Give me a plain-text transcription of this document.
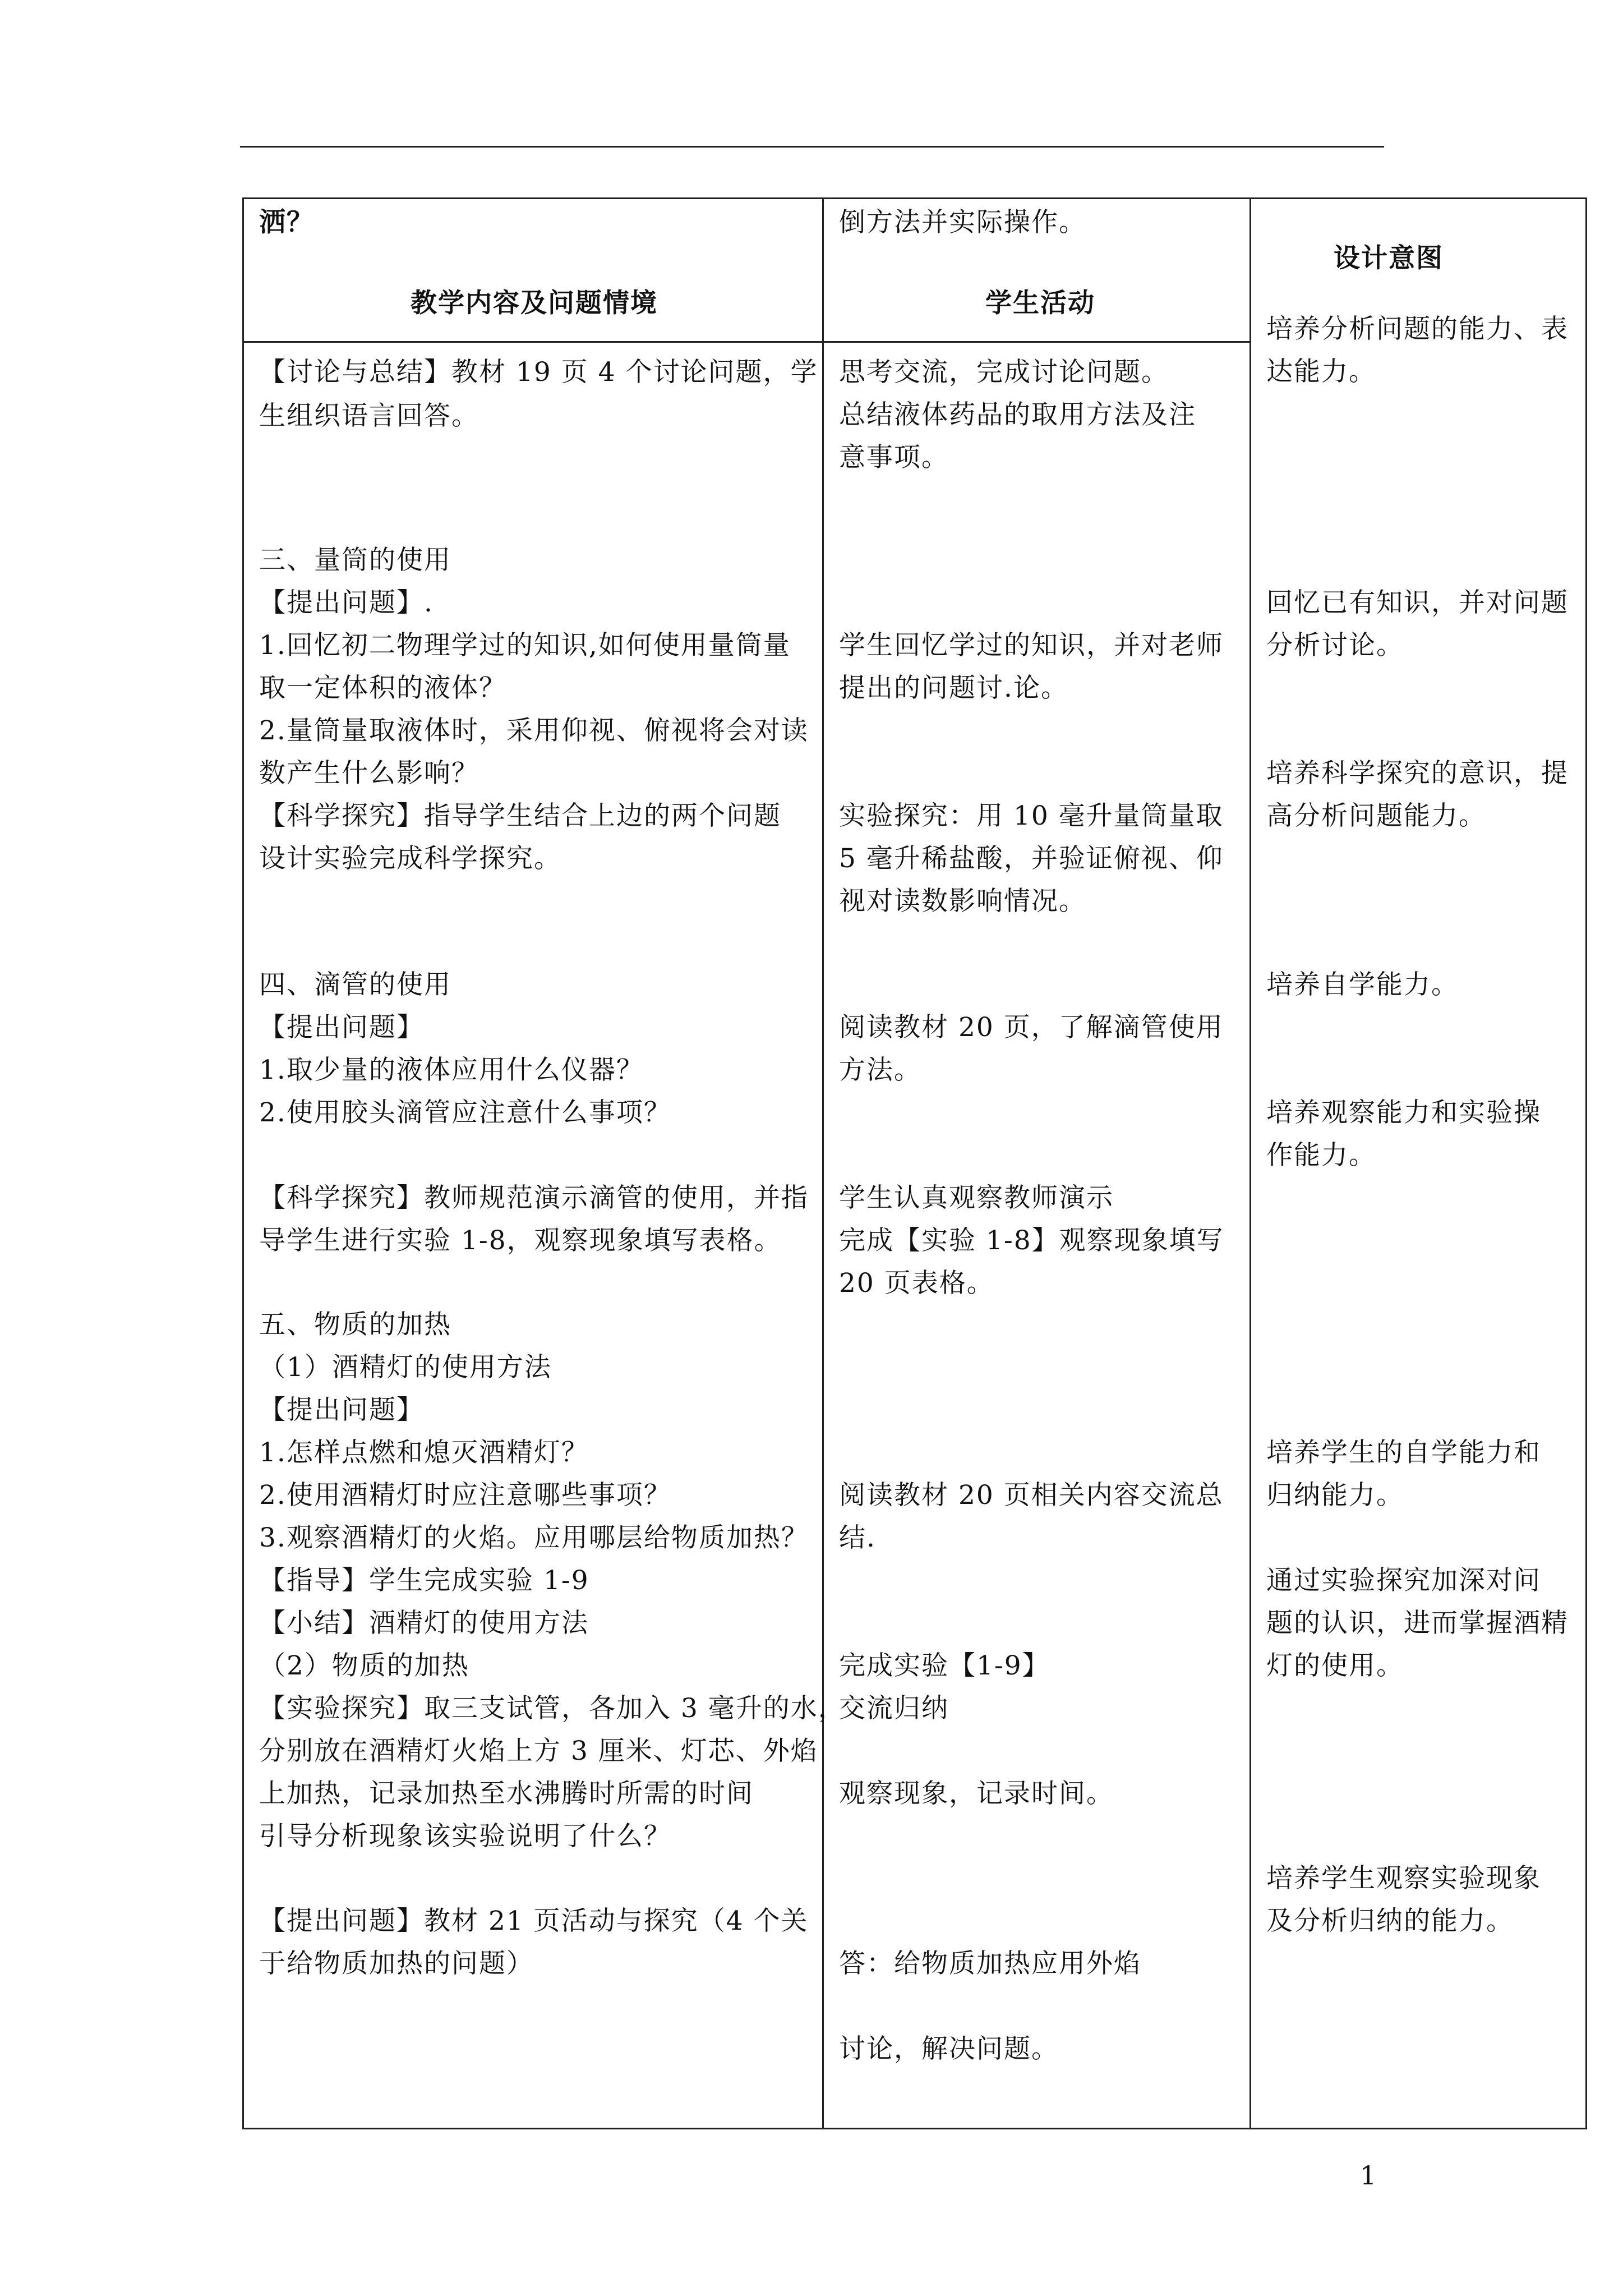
洒？
教学内容及问题情境
倒方法并实际操作。
学生活动
设计意图
【讨论与总结】教材 19 页 4 个讨论问题，学
生组织语言回答。
三、量筒的使用
【提出问题】.
1.回忆初二物理学过的知识,如何使用量筒量
取一定体积的液体？
2.量筒量取液体时，采用仰视、俯视将会对读
数产生什么影响？
【科学探究】指导学生结合上边的两个问题
设计实验完成科学探究。
四、滴管的使用
【提出问题】
1.取少量的液体应用什么仪器？
2.使用胶头滴管应注意什么事项？
【科学探究】教师规范演示滴管的使用，并指
导学生进行实验 1-8，观察现象填写表格。
五、物质的加热
（1）酒精灯的使用方法
【提出问题】
1.怎样点燃和熄灭酒精灯？
2.使用酒精灯时应注意哪些事项？
3.观察酒精灯的火焰。应用哪层给物质加热？
【指导】学生完成实验 1-9
【小结】酒精灯的使用方法
（2）物质的加热
【实验探究】取三支试管，各加入 3 毫升的水，
分别放在酒精灯火焰上方 3 厘米、灯芯、外焰
上加热，记录加热至水沸腾时所需的时间
引导分析现象该实验说明了什么？
【提出问题】教材 21 页活动与探究（4 个关
于给物质加热的问题）
思考交流，完成讨论问题。
总结液体药品的取用方法及注
意事项。
学生回忆学过的知识，并对老师
提出的问题讨.论。
实验探究：用 10 毫升量筒量取
5 毫升稀盐酸，并验证俯视、仰
视对读数影响情况。
阅读教材 20 页，了解滴管使用
方法。
学生认真观察教师演示
完成【实验 1-8】观察现象填写
20 页表格。
阅读教材 20 页相关内容交流总
结.
完成实验【1-9】
交流归纳
观察现象，记录时间。
答：给物质加热应用外焰
讨论，解决问题。
培养分析问题的能力、表
达能力。
回忆已有知识，并对问题
分析讨论。
培养科学探究的意识，提
高分析问题能力。
培养自学能力。
培养观察能力和实验操
作能力。
培养学生的自学能力和
归纳能力。
通过实验探究加深对问
题的认识，进而掌握酒精
灯的使用。
培养学生观察实验现象
及分析归纳的能力。
1
